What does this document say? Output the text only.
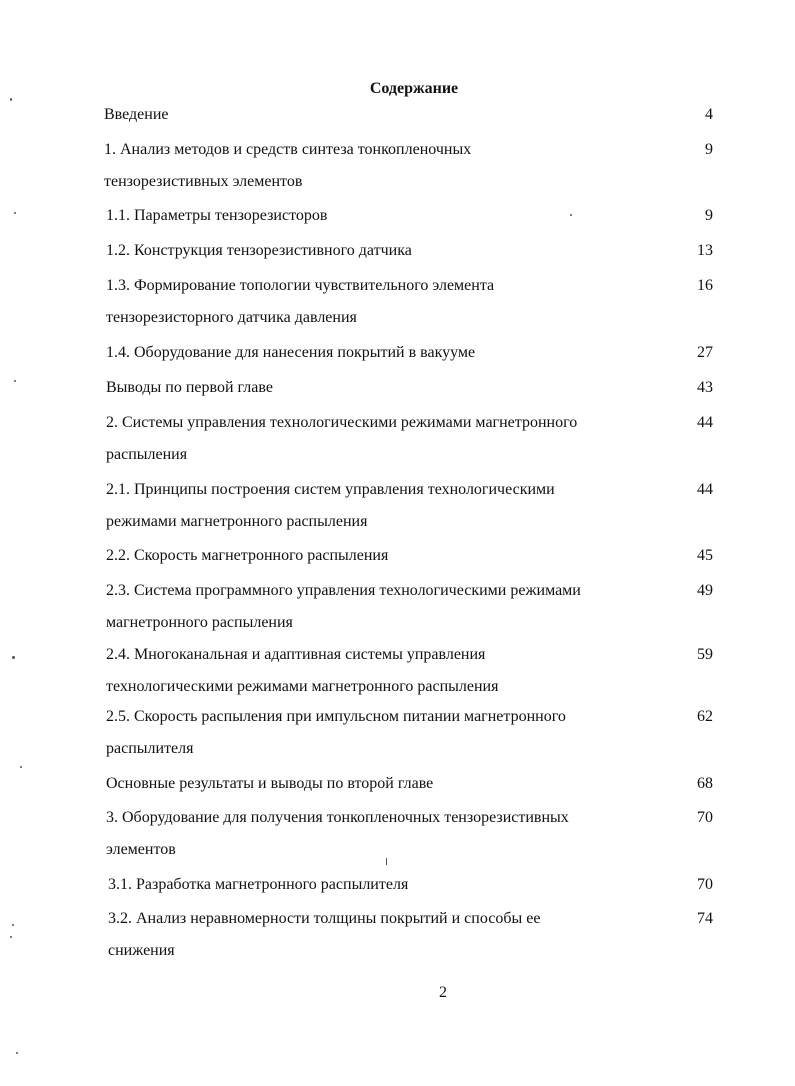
Содержание
Введение	4
1. Анализ методов и средств синтеза тонкопленочных
тензорезистивных элементов
9
1.1. Параметры тензорезисторов	9
1.2. Конструкция тензорезистивного датчика	13
1.3. Формирование топологии чувствительного элемента
тензорезисторного датчика давления
16
1.4. Оборудование для нанесения покрытий в вакууме	27
Выводы по первой главе	43
2. Системы управления технологическими режимами магнетронного
распыления
44
2.1. Принципы построения систем управления технологическими
режимами магнетронного распыления
44
2.2. Скорость магнетронного распыления	45
2.3. Система программного управления технологическими режимами
магнетронного распыления
49
2.4. Многоканальная и адаптивная системы управления
технологическими режимами магнетронного распыления
59
2.5. Скорость распыления при импульсном питании магнетронного
распылителя
62
Основные результаты и выводы по второй главе	68
3. Оборудование для получения тонкопленочных тензорезистивных
элементов
70
3.1. Разработка магнетронного распылителя	70
3.2. Анализ неравномерности толщины покрытий и способы ее
снижения
74
2
